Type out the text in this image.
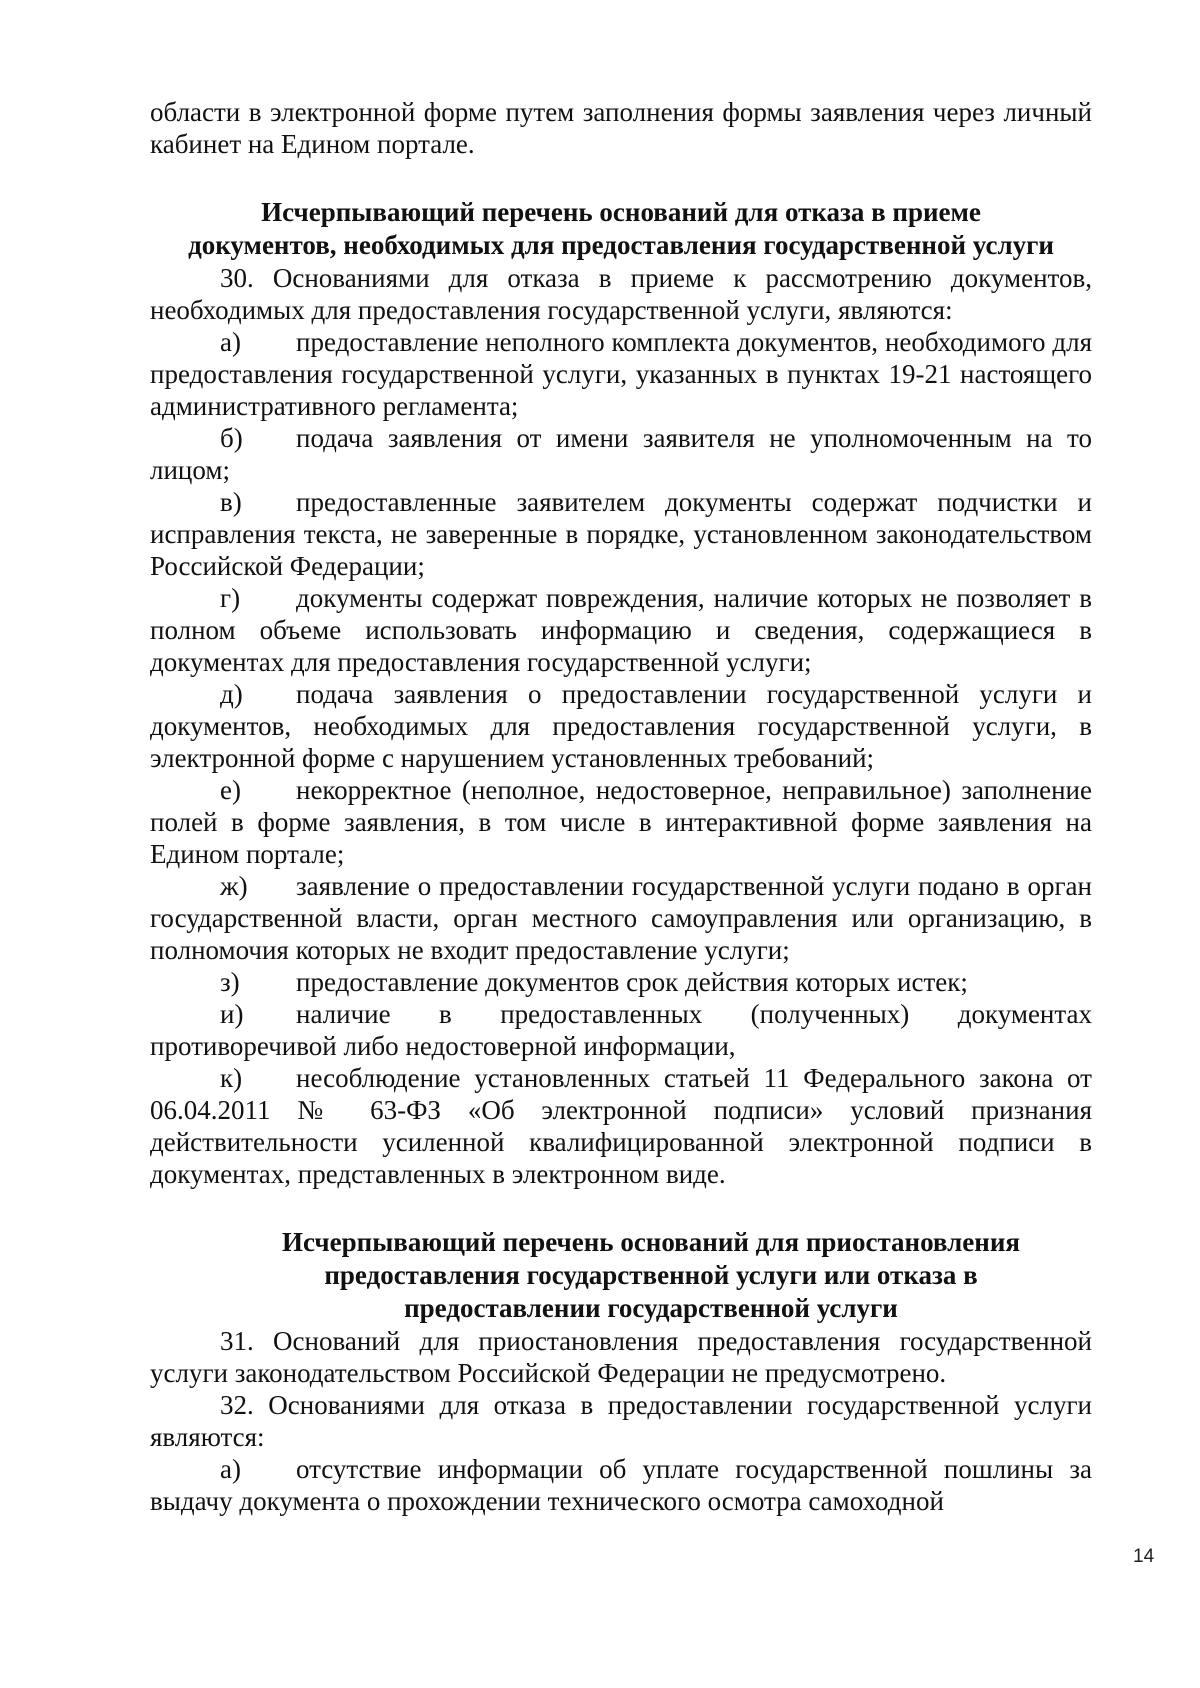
области в электронной форме путем заполнения формы заявления через личный кабинет на Едином портале.

Исчерпывающий перечень оснований для отказа в приеме
документов, необходимых для предоставления государственной услуги

30. Основаниями для отказа в приеме к рассмотрению документов, необходимых для предоставления государственной услуги, являются:

а) предоставление неполного комплекта документов, необходимого для предоставления государственной услуги, указанных в пунктах 19-21 настоящего административного регламента;

б) подача заявления от имени заявителя не уполномоченным на то лицом;

в) предоставленные заявителем документы содержат подчистки и исправления текста, не заверенные в порядке, установленном законодательством Российской Федерации;

г) документы содержат повреждения, наличие которых не позволяет в полном объеме использовать информацию и сведения, содержащиеся в документах для предоставления государственной услуги;

д) подача заявления о предоставлении государственной услуги и документов, необходимых для предоставления государственной услуги, в электронной форме с нарушением установленных требований;

е) некорректное (неполное, недостоверное, неправильное) заполнение полей в форме заявления, в том числе в интерактивной форме заявления на Едином портале;

ж) заявление о предоставлении государственной услуги подано в орган государственной власти, орган местного самоуправления или организацию, в полномочия которых не входит предоставление услуги;

з) предоставление документов срок действия которых истек;

и) наличие в предоставленных (полученных) документах противоречивой либо недостоверной информации,

к) несоблюдение установленных статьей 11 Федерального закона от 06.04.2011 № 63-ФЗ «Об электронной подписи» условий признания действительности усиленной квалифицированной электронной подписи в документах, представленных в электронном виде.

Исчерпывающий перечень оснований для приостановления
предоставления государственной услуги или отказа в
предоставлении государственной услуги

31. Оснований для приостановления предоставления государственной услуги законодательством Российской Федерации не предусмотрено.

32. Основаниями для отказа в предоставлении государственной услуги являются:

а) отсутствие информации об уплате государственной пошлины за выдачу документа о прохождении технического осмотра самоходной

14
